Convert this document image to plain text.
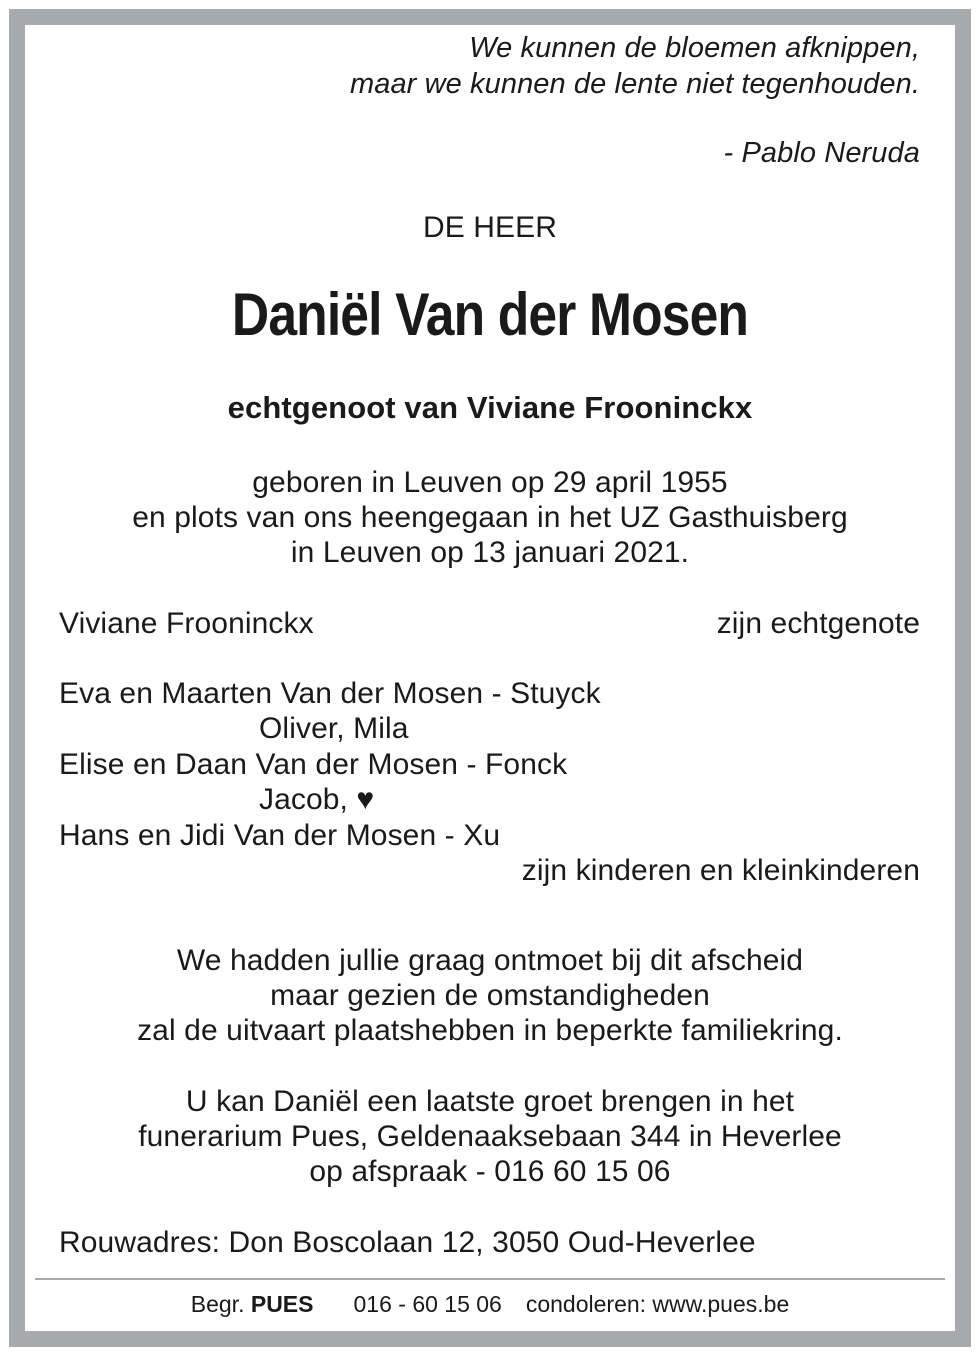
We kunnen de bloemen afknippen,
maar we kunnen de lente niet tegenhouden.
- Pablo Neruda
DE HEER
Daniël Van der Mosen
echtgenoot van Viviane Frooninckx
geboren in Leuven op 29 april 1955
en plots van ons heengegaan in het UZ Gasthuisberg
in Leuven op 13 januari 2021.
Viviane Frooninckx	zijn echtgenote
Eva en Maarten Van der Mosen - Stuyck
Oliver, Mila
Elise en Daan Van der Mosen - Fonck
Jacob, ♥
Hans en Jidi Van der Mosen - Xu
zijn kinderen en kleinkinderen
We hadden jullie graag ontmoet bij dit afscheid
maar gezien de omstandigheden
zal de uitvaart plaatshebben in beperkte familiekring.
U kan Daniël een laatste groet brengen in het
funerarium Pues, Geldenaaksebaan 344 in Heverlee
op afspraak - 016 60 15 06
Rouwadres: Don Boscolaan 12, 3050 Oud-Heverlee
Begr. PUES 016 - 60 15 06 condoleren: www.pues.be
